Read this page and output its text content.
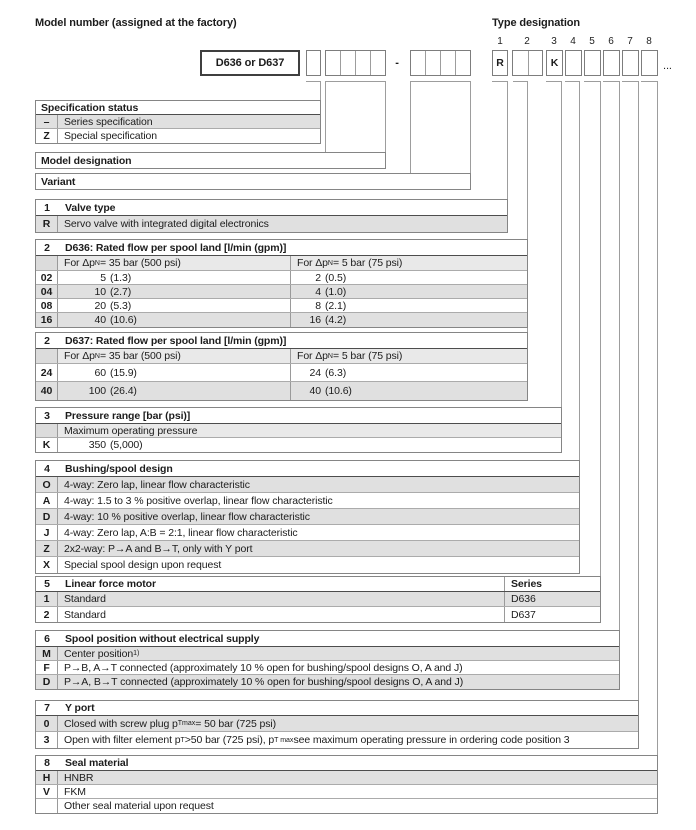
Model number (assigned at the factory)	Type designation
D636 or D637	-
1	2	3	4	5	6	7	8
R	K	...
Specification status
–	Series specification
Z	Special specification
Model designation
Variant
1	Valve type
R	Servo valve with integrated digital electronics
2	D636: Rated flow per spool land [l/min (gpm)]
For Δp N = 35 bar (500 psi)	For Δp N = 5 bar (75 psi)
02	5 (1.3)	2 (0.5)
04	10 (2.7)	4 (1.0)
08	20 (5.3)	8 (2.1)
16	40 (10.6)	16 (4.2)
2	D637: Rated flow per spool land [l/min (gpm)]
For Δp N = 35 bar (500 psi)	For Δp N = 5 bar (75 psi)
24	60 (15.9)	24 (6.3)
40	100 (26.4)	40 (10.6)
3	Pressure range [bar (psi)]
Maximum operating pressure
K	350 (5,000)
4	Bushing/spool design
O	4-way: Zero lap, linear flow characteristic
A	4-way: 1.5 to 3 % positive overlap, linear flow characteristic
D	4-way: 10 % positive overlap, linear flow characteristic
J	4-way: Zero lap, A:B = 2:1, linear flow characteristic
Z	2x2-way: P→A and B→T, only with Y port
X	Special spool design upon request
5	Linear force motor	Series
1	Standard	D636
2	Standard	D637
6	Spool position without electrical supply
M	Center position 1)
F	P→B, A→T connected (approximately 10 % open for bushing/spool designs O, A and J)
D	P→A, B→T connected (approximately 10 % open for bushing/spool designs O, A and J)
7	Y port
0	Closed with screw plug p Tmax = 50 bar (725 psi)
3	Open with filter element p T >50 bar (725 psi), p T max see maximum operating pressure in ordering code position 3
8	Seal material
H	HNBR
V	FKM
Other seal material upon request
